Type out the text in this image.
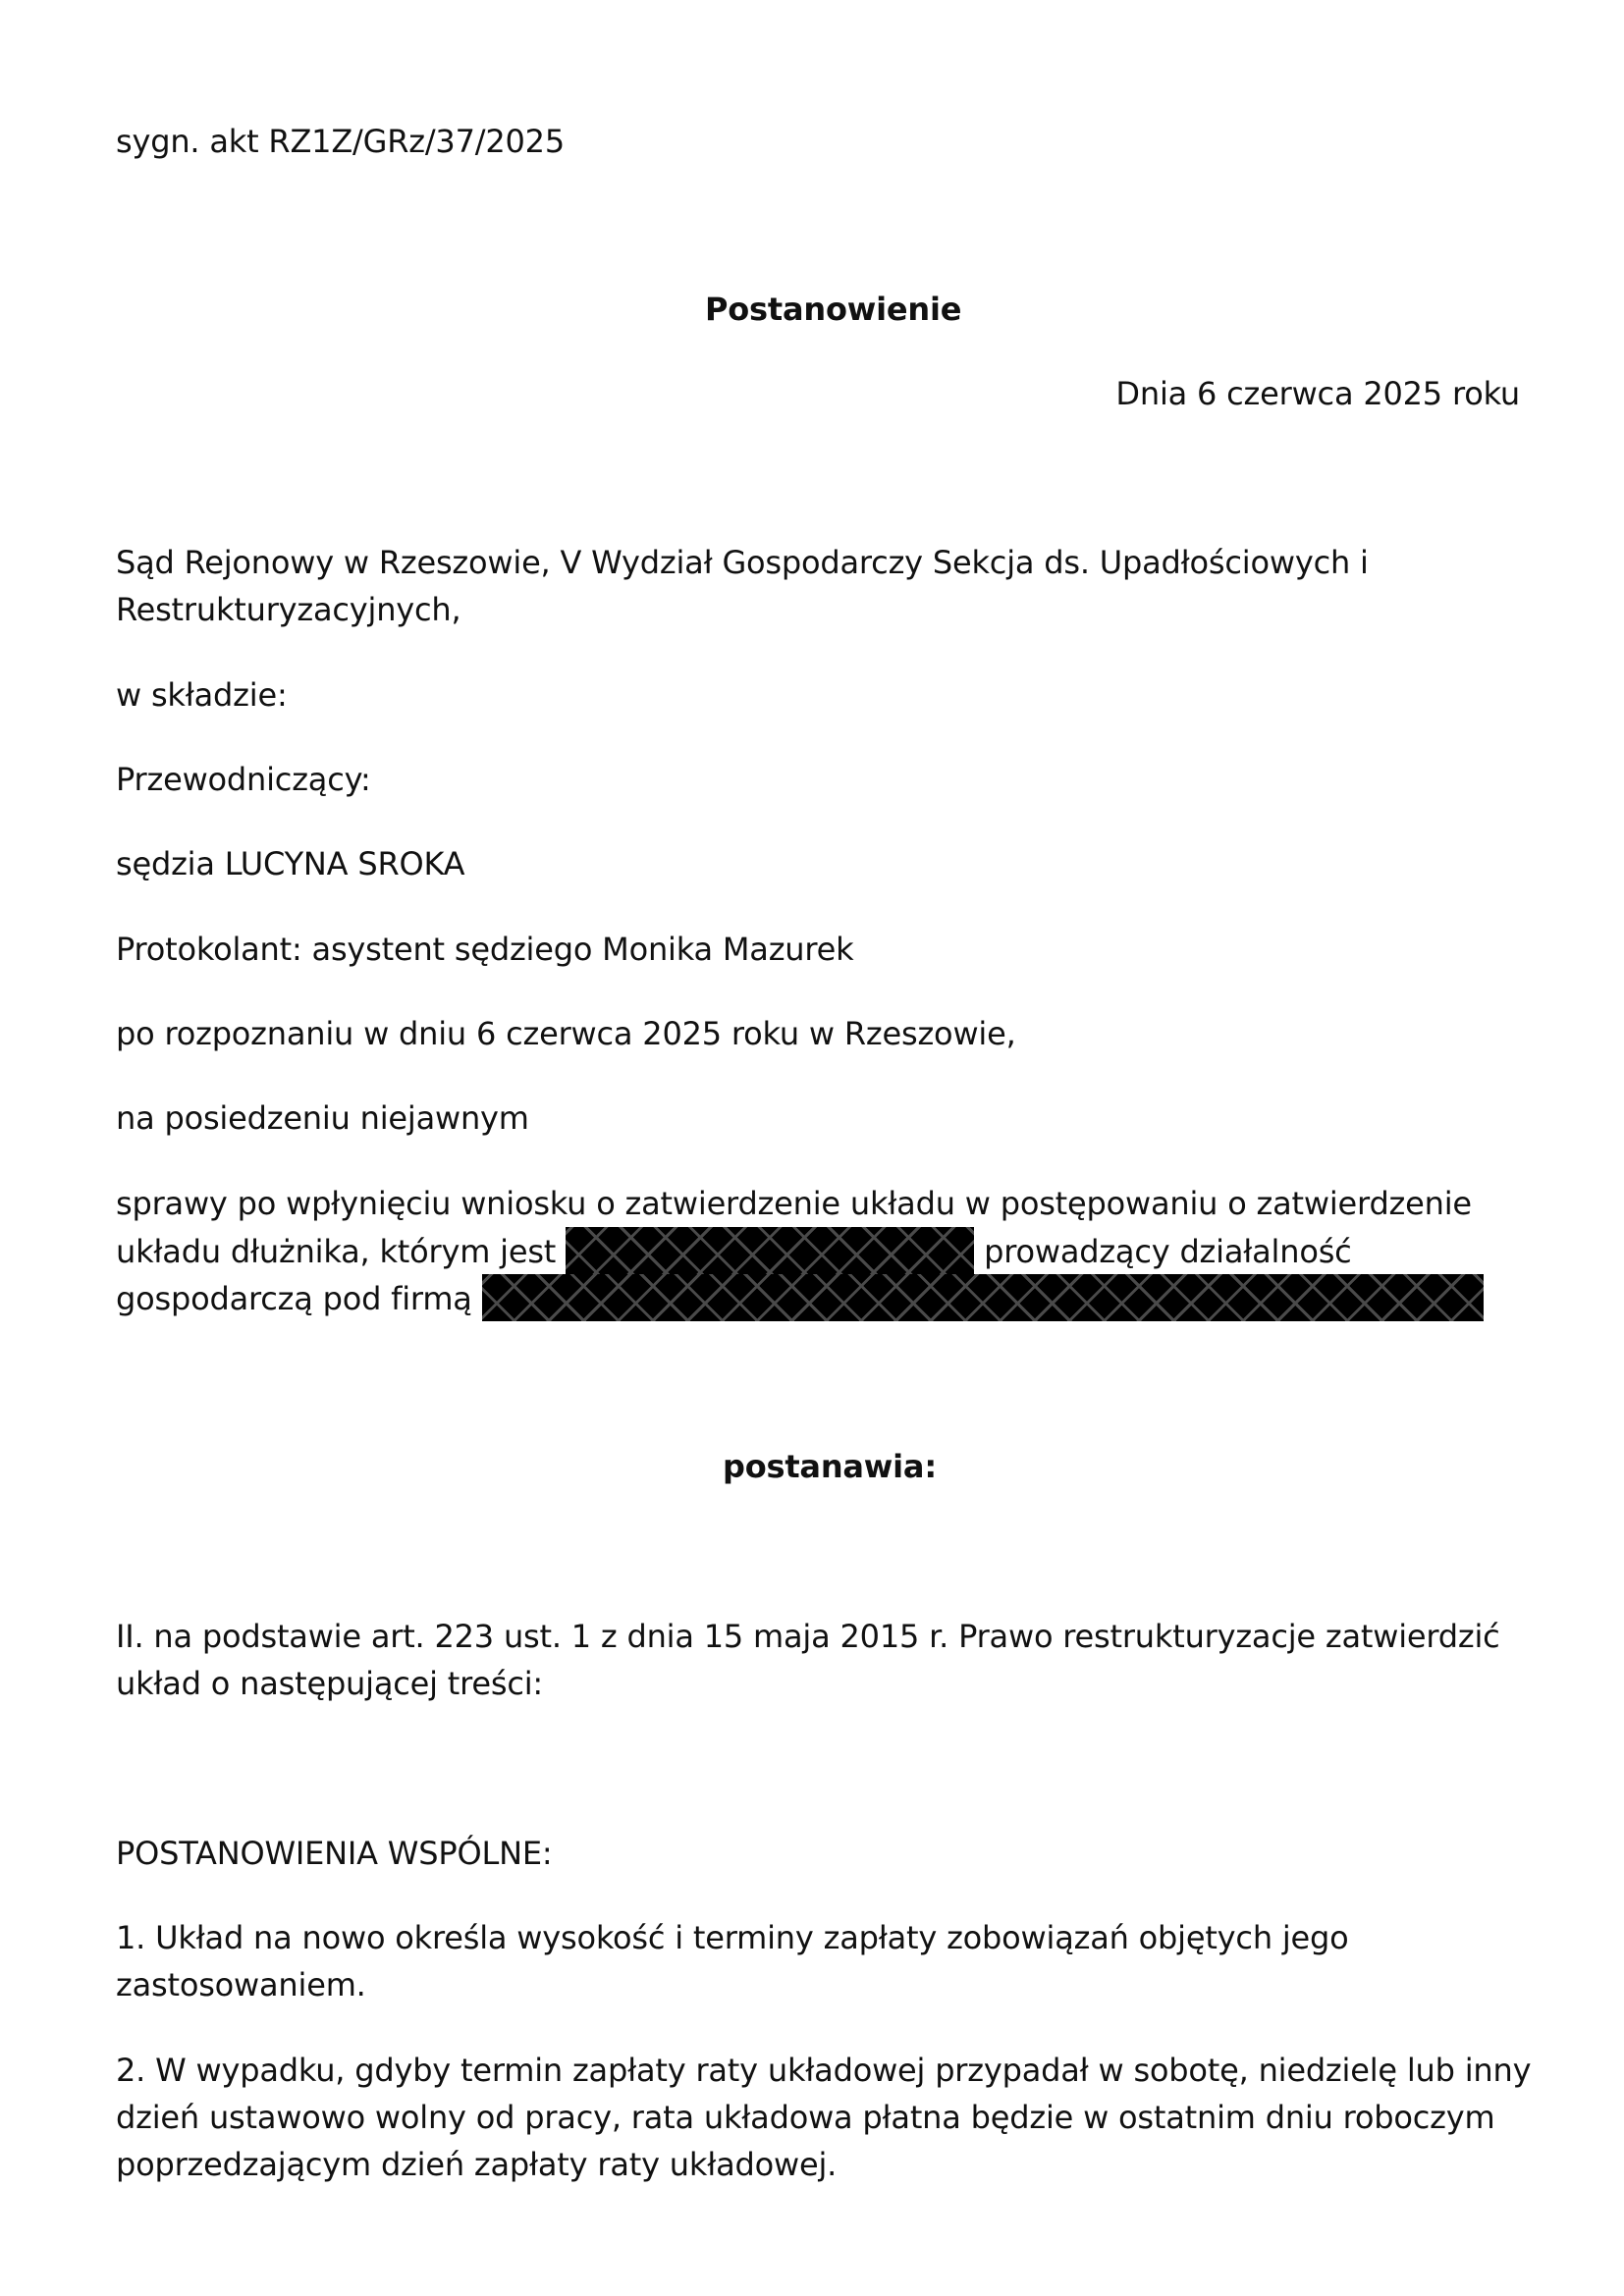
sygn. akt RZ1Z/GRz/37/2025
Postanowienie
Dnia 6 czerwca 2025 roku
Sąd Rejonowy w Rzeszowie, V Wydział Gospodarczy Sekcja ds. Upadłościowych i
Restrukturyzacyjnych,
w składzie:
Przewodniczący:
sędzia LUCYNA SROKA
Protokolant: asystent sędziego Monika Mazurek
po rozpoznaniu w dniu 6 czerwca 2025 roku w Rzeszowie,
na posiedzeniu niejawnym
sprawy po wpłynięciu wniosku o zatwierdzenie układu w postępowaniu o zatwierdzenie
układu dłużnika, którym jest	prowadzący działalność
gospodarczą pod firmą
postanawia:
II. na podstawie art. 223 ust. 1 z dnia 15 maja 2015 r. Prawo restrukturyzacje zatwierdzić
układ o następującej treści:
POSTANOWIENIA WSPÓLNE:
1. Układ na nowo określa wysokość i terminy zapłaty zobowiązań objętych jego
zastosowaniem.
2. W wypadku, gdyby termin zapłaty raty układowej przypadał w sobotę, niedzielę lub inny
dzień ustawowo wolny od pracy, rata układowa płatna będzie w ostatnim dniu roboczym
poprzedzającym dzień zapłaty raty układowej.
